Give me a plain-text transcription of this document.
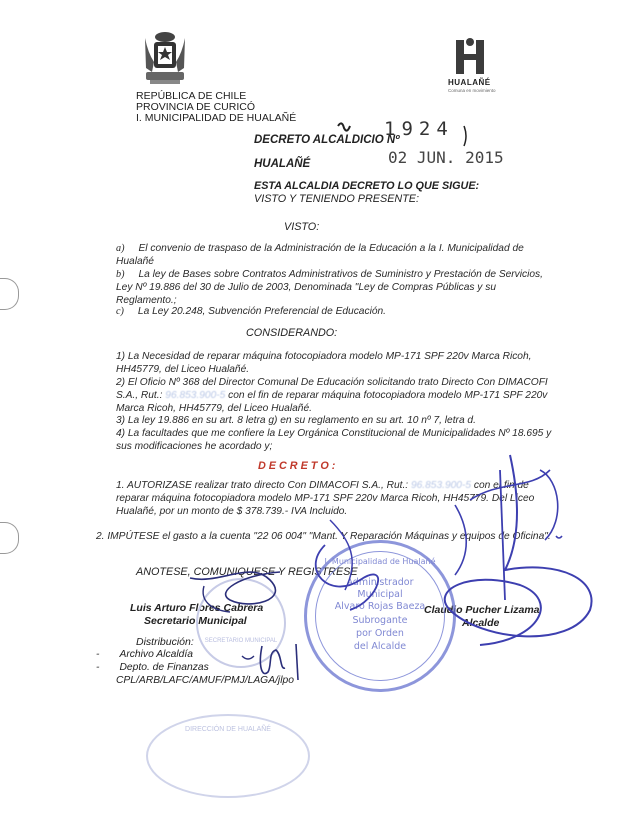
HUALAÑÉ
Comuna en movimiento
REPÚBLICA DE CHILE
PROVINCIA DE CURICÓ
I. MUNICIPALIDAD DE HUALAÑÉ
DECRETO ALCALDICIO Nº
1924
HUALAÑÉ	02 JUN. 2015
ESTA ALCALDIA DECRETO LO QUE SIGUE:
VISTO Y TENIENDO PRESENTE:
VISTO:
a) El convenio de traspaso de la Administración de la Educación a la I. Municipalidad de
Hualañé
b) La ley de Bases sobre Contratos Administrativos de Suministro y Prestación de Servicios,
Ley Nº 19.886 del 30 de Julio de 2003, Denominada "Ley de Compras Públicas y su
Reglamento.;
c) La Ley 20.248, Subvención Preferencial de Educación.
CONSIDERANDO:
1) La Necesidad de reparar máquina fotocopiadora modelo MP-171 SPF 220v Marca Ricoh,
HH45779, del Liceo Hualañé.
2) El Oficio Nº 368 del Director Comunal De Educación solicitando trato Directo Con DIMACOFI
S.A., Rut.: 96.853.900-5 con el fin de reparar máquina fotocopiadora modelo MP-171 SPF 220v
Marca Ricoh, HH45779, del Liceo Hualañé.
3) La ley 19.886 en su art. 8 letra g) en su reglamento en su art. 10 nº 7, letra d.
4) La facultades que me confiere la Ley Orgánica Constitucional de Municipalidades Nº 18.695 y
sus modificaciones he acordado y;
D E C R E T O :
1. AUTORIZASE realizar trato directo Con DIMACOFI S.A., Rut.: 96.853.900-5 con el fin de
reparar máquina fotocopiadora modelo MP-171 SPF 220v Marca Ricoh, HH45779. Del Liceo
Hualañé, por un monto de $ 378.739.- IVA Incluido.
2. IMPÚTESE el gasto a la cuenta "22 06 004" "Mant. Y Reparación Máquinas y equipos de Oficina".
ANOTESE, COMUNIQUESE Y REGISTRESE
Luis Arturo Flores Cabrera
Secretario Municipal
Claudio Pucher Lizama
Alcalde
Distribución:
-       Archivo Alcaldía
-       Depto. de Finanzas
CPL/ARB/LAFC/AMUF/PMJ/LAGA/jlpo
I. Municipalidad de Hualañé
Administrador
Municipal
Alvaro Rojas Baeza
Subrogante
por Orden
del Alcalde
SECRETARIO MUNICIPAL
DIRECCIÓN DE HUALAÑÉ
